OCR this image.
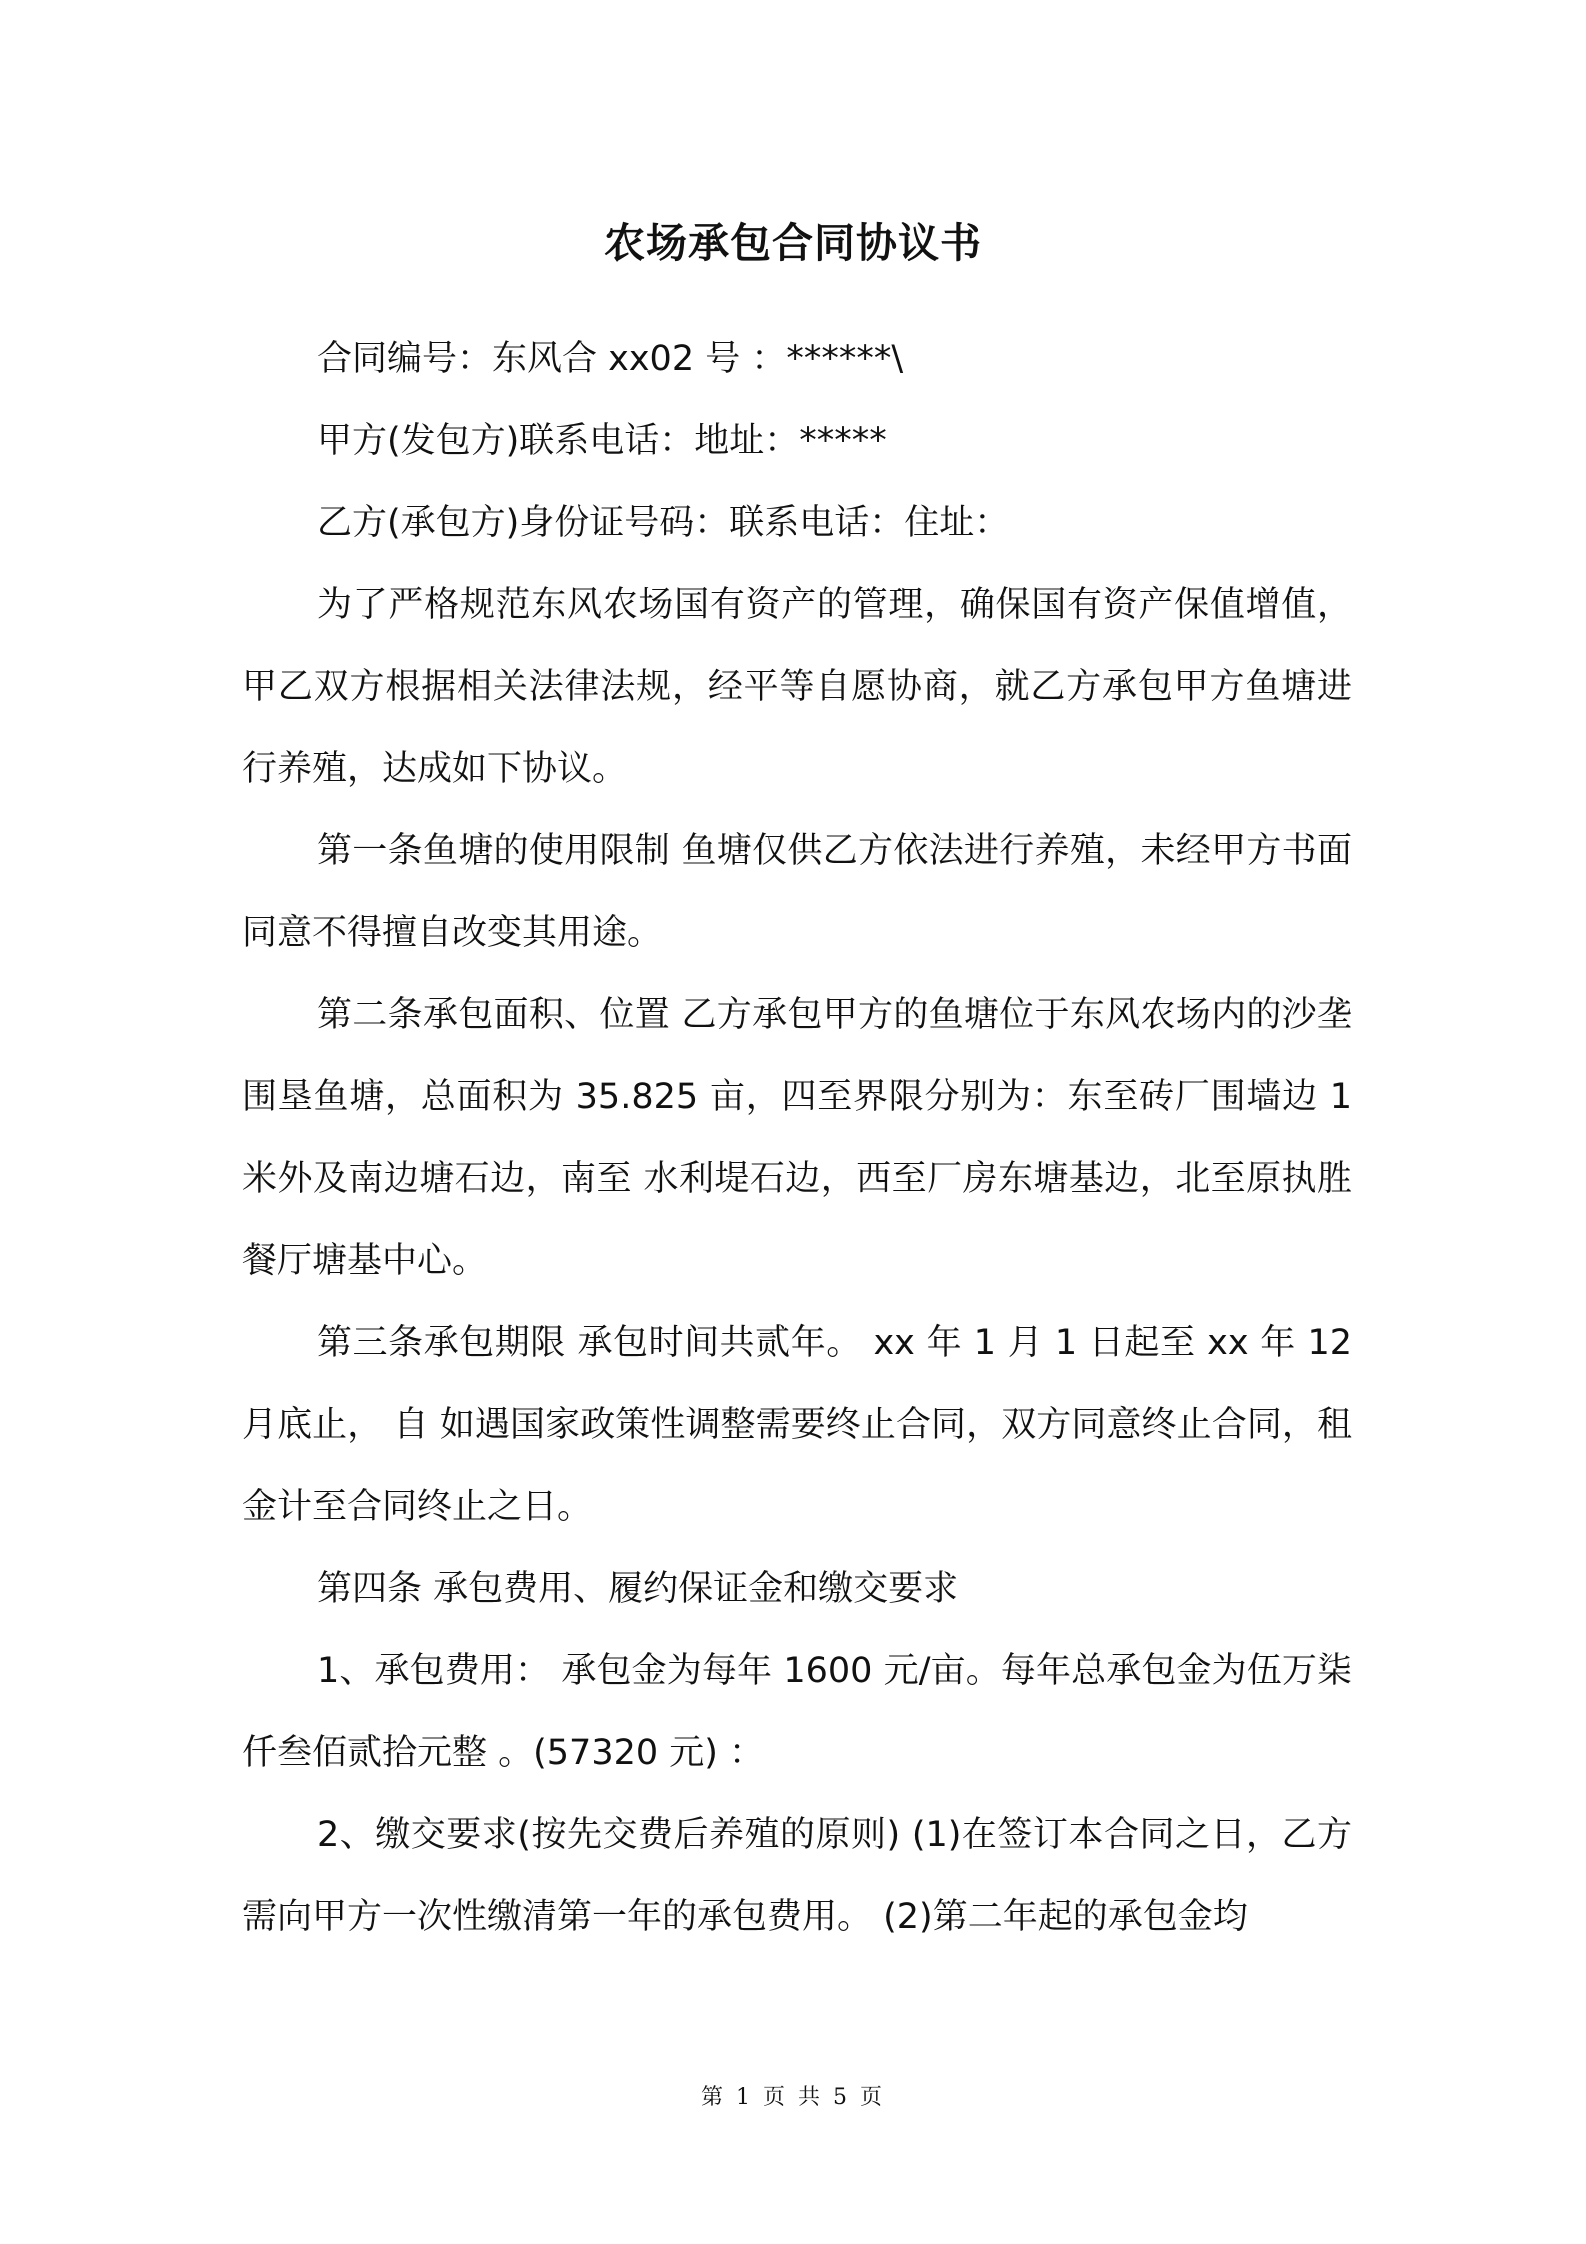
农场承包合同协议书

合同编号：东风合 xx02 号 ：******\

甲方(发包方)联系电话：地址：*****

乙方(承包方)身份证号码：联系电话：住址：

为了严格规范东风农场国有资产的管理，确保国有资产保值增值，甲乙双方根据相关法律法规，经平等自愿协商，就乙方承包甲方鱼塘进行养殖，达成如下协议。

第一条鱼塘的使用限制 鱼塘仅供乙方依法进行养殖，未经甲方书面同意不得擅自改变其用途。

第二条承包面积、位置 乙方承包甲方的鱼塘位于东风农场内的沙垄围垦鱼塘，总面积为 35.825 亩，四至界限分别为：东至砖厂围墙边 1 米外及南边塘石边，南至 水利堤石边，西至厂房东塘基边，北至原执胜餐厅塘基中心。

第三条承包期限 承包时间共贰年。 xx 年 1 月 1 日起至 xx 年 12 月底止， 自 如遇国家政策性调整需要终止合同，双方同意终止合同，租金计至合同终止之日。

第四条 承包费用、履约保证金和缴交要求

1、承包费用： 承包金为每年 1600 元/亩。每年总承包金为伍万柒仟叁佰贰拾元整 。(57320 元) ：

2、缴交要求(按先交费后养殖的原则) (1)在签订本合同之日，乙方需向甲方一次性缴清第一年的承包费用。 (2)第二年起的承包金均

第 1 页 共 5 页
